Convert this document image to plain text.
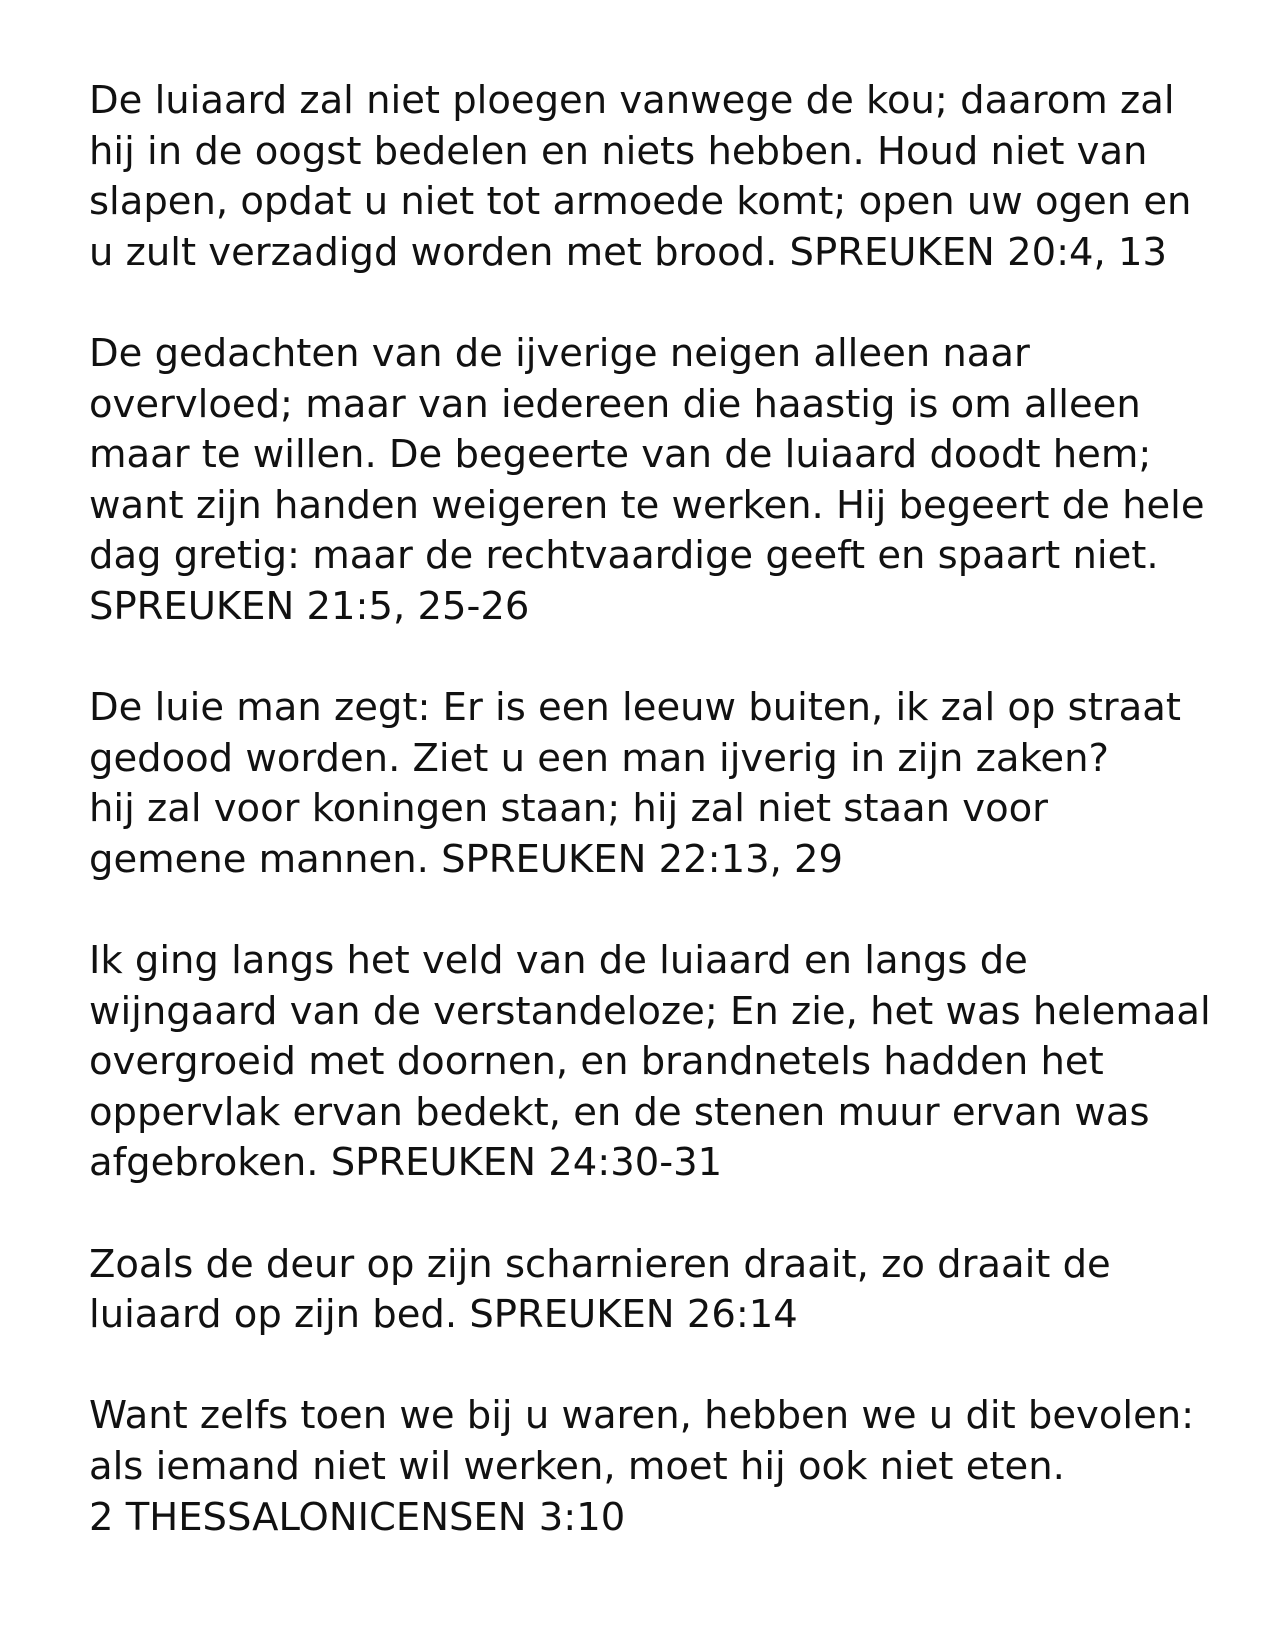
De luiaard zal niet ploegen vanwege de kou; daarom zal
hij in de oogst bedelen en niets hebben. Houd niet van
slapen, opdat u niet tot armoede komt; open uw ogen en
u zult verzadigd worden met brood. SPREUKEN 20:4, 13

De gedachten van de ijverige neigen alleen naar
overvloed; maar van iedereen die haastig is om alleen
maar te willen. De begeerte van de luiaard doodt hem;
want zijn handen weigeren te werken. Hij begeert de hele
dag gretig: maar de rechtvaardige geeft en spaart niet.
SPREUKEN 21:5, 25-26

De luie man zegt: Er is een leeuw buiten, ik zal op straat
gedood worden. Ziet u een man ijverig in zijn zaken?
hij zal voor koningen staan; hij zal niet staan voor
gemene mannen. SPREUKEN 22:13, 29

Ik ging langs het veld van de luiaard en langs de
wijngaard van de verstandeloze; En zie, het was helemaal
overgroeid met doornen, en brandnetels hadden het
oppervlak ervan bedekt, en de stenen muur ervan was
afgebroken. SPREUKEN 24:30-31

Zoals de deur op zijn scharnieren draait, zo draait de
luiaard op zijn bed. SPREUKEN 26:14

Want zelfs toen we bij u waren, hebben we u dit bevolen:
als iemand niet wil werken, moet hij ook niet eten.
2 THESSALONICENSEN 3:10
